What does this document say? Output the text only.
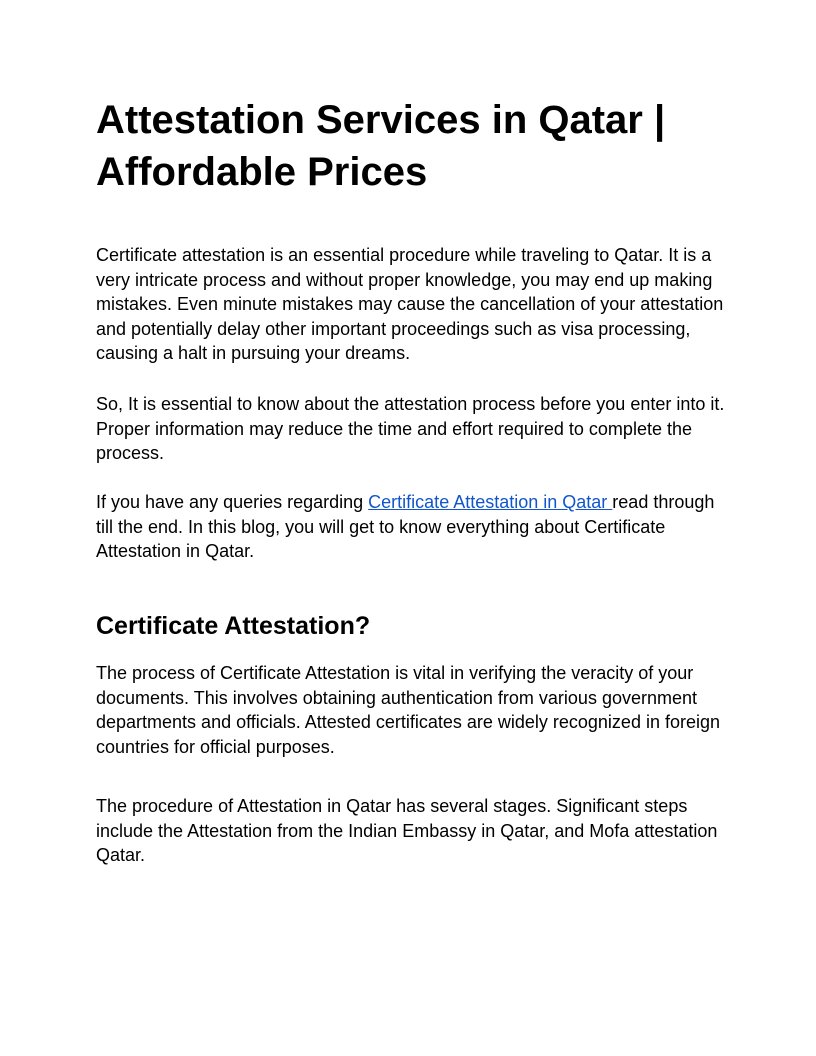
Attestation Services in Qatar | Affordable Prices

Certificate attestation is an essential procedure while traveling to Qatar. It is a very intricate process and without proper knowledge, you may end up making mistakes. Even minute mistakes may cause the cancellation of your attestation and potentially delay other important proceedings such as visa processing, causing a halt in pursuing your dreams.

So, It is essential to know about the attestation process before you enter into it. Proper information may reduce the time and effort required to complete the process.

If you have any queries regarding Certificate Attestation in Qatar read through till the end. In this blog, you will get to know everything about Certificate Attestation in Qatar.

Certificate Attestation?

The process of Certificate Attestation is vital in verifying the veracity of your documents. This involves obtaining authentication from various government departments and officials. Attested certificates are widely recognized in foreign countries for official purposes.

The procedure of Attestation in Qatar has several stages. Significant steps include the Attestation from the Indian Embassy in Qatar, and Mofa attestation Qatar.
